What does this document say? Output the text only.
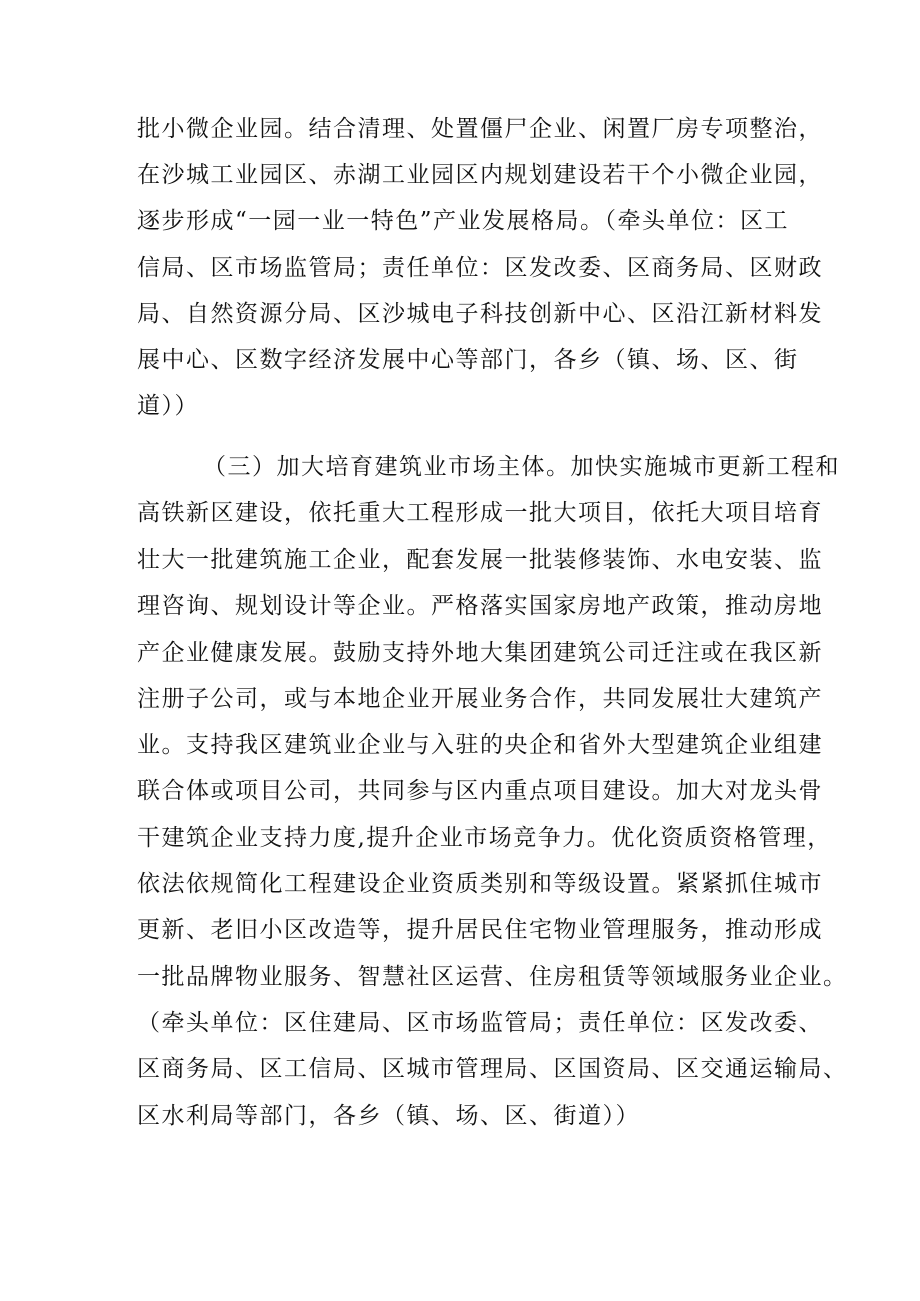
批小微企业园。结合清理、处置僵尸企业、闲置厂房专项整治，
在沙城工业园区、赤湖工业园区内规划建设若干个小微企业园，
逐步形成“一园一业一特色”产业发展格局。（牵头单位：区工
信局、区市场监管局；责任单位：区发改委、区商务局、区财政
局、自然资源分局、区沙城电子科技创新中心、区沿江新材料发
展中心、区数字经济发展中心等部门，各乡（镇、场、区、街
道））
（三）加大培育建筑业市场主体。加快实施城市更新工程和
高铁新区建设，依托重大工程形成一批大项目，依托大项目培育
壮大一批建筑施工企业，配套发展一批装修装饰、水电安装、监
理咨询、规划设计等企业。严格落实国家房地产政策，推动房地
产企业健康发展。鼓励支持外地大集团建筑公司迁注或在我区新
注册子公司，或与本地企业开展业务合作，共同发展壮大建筑产
业。支持我区建筑业企业与入驻的央企和省外大型建筑企业组建
联合体或项目公司，共同参与区内重点项目建设。加大对龙头骨
干建筑企业支持力度,提升企业市场竞争力。优化资质资格管理，
依法依规简化工程建设企业资质类别和等级设置。紧紧抓住城市
更新、老旧小区改造等，提升居民住宅物业管理服务，推动形成
一批品牌物业服务、智慧社区运营、住房租赁等领域服务业企业。
（牵头单位：区住建局、区市场监管局；责任单位：区发改委、
区商务局、区工信局、区城市管理局、区国资局、区交通运输局、
区水利局等部门，各乡（镇、场、区、街道））
